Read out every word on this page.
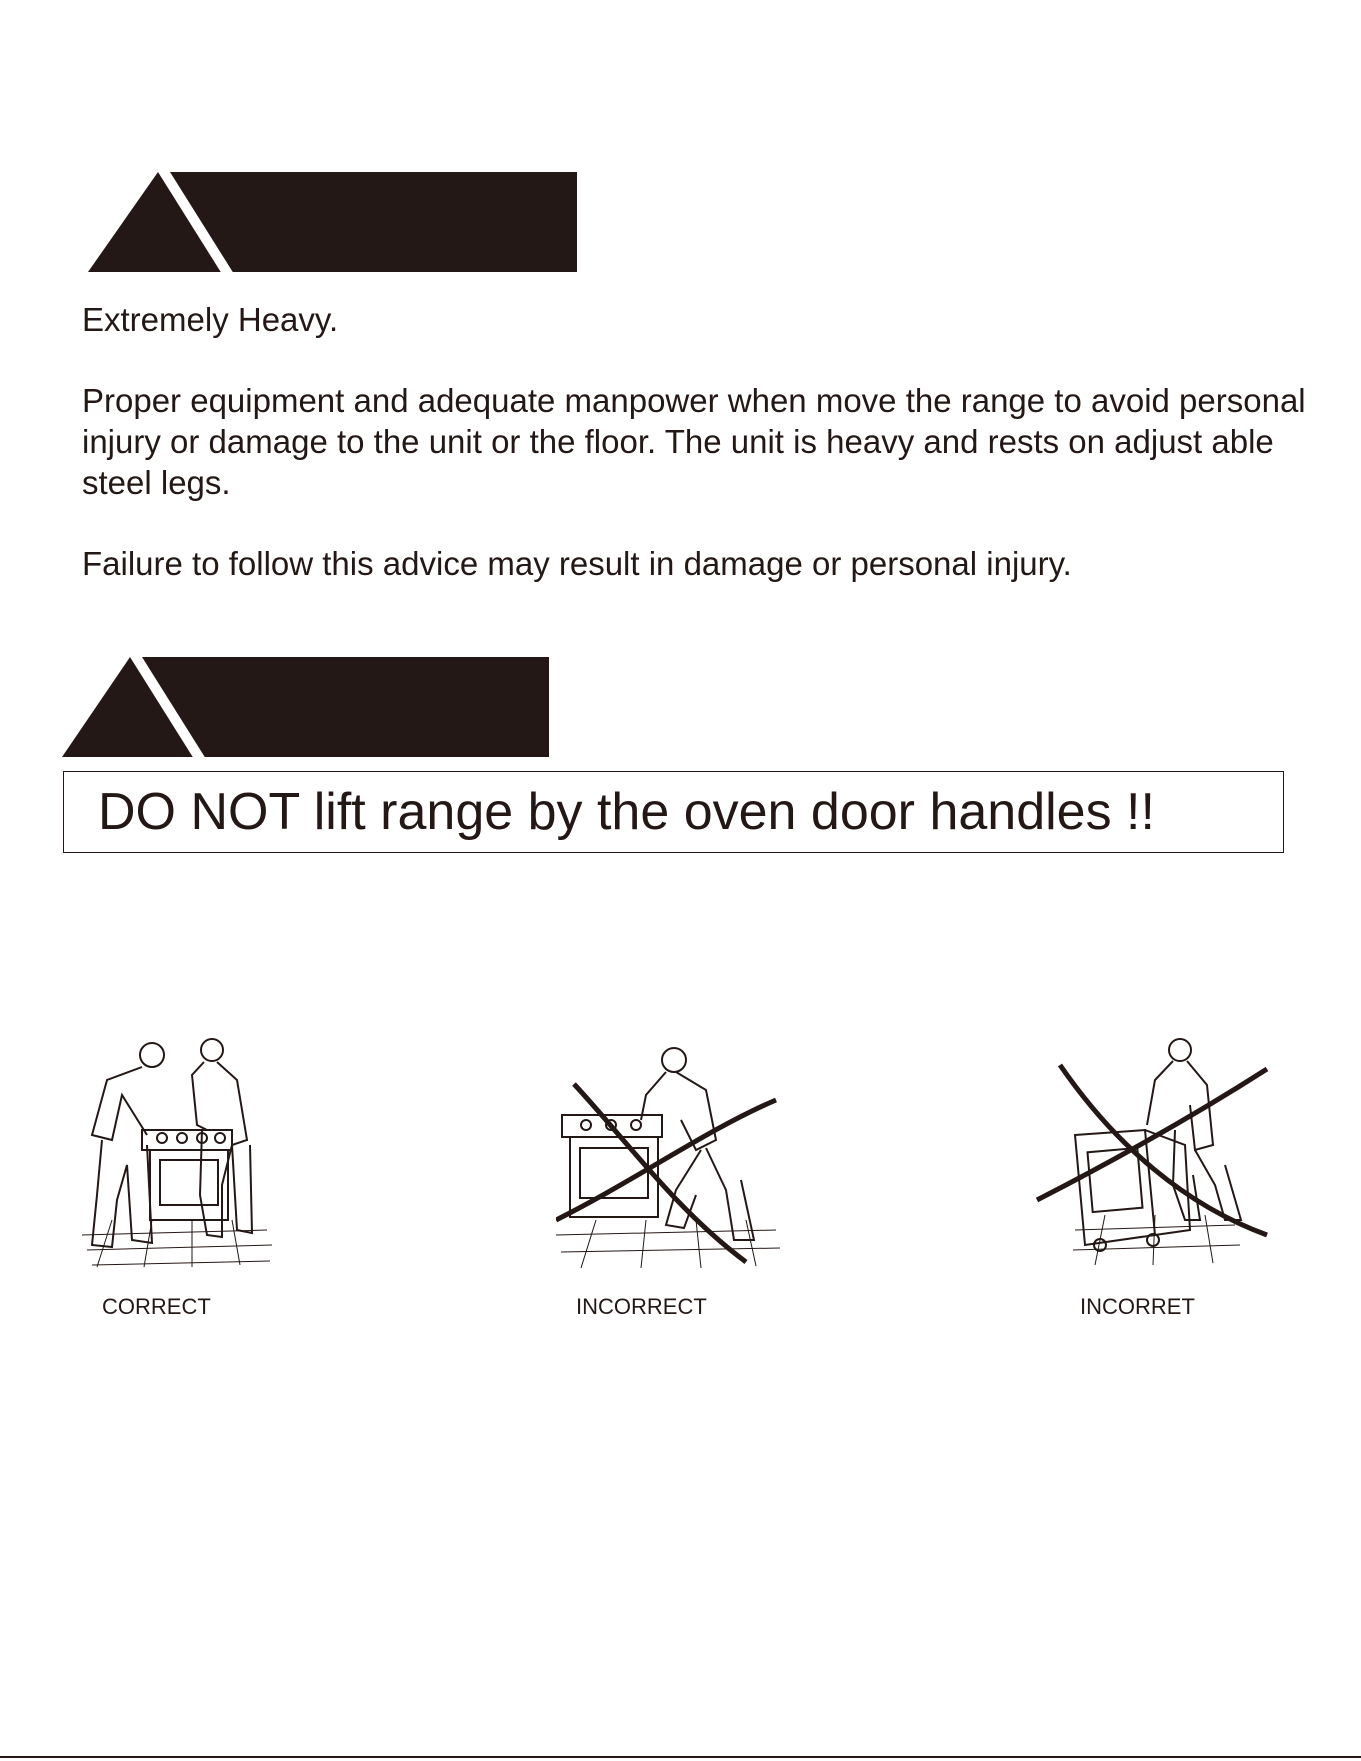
Extremely Heavy.

Proper equipment and adequate manpower when move the range to avoid personal injury or damage to the unit or the floor. The unit is heavy and rests on adjust able steel legs.

Failure to follow this advice may result in damage or personal injury.

DO NOT lift range by the oven door handles !!
CORRECT	INCORRECT	INCORRET
